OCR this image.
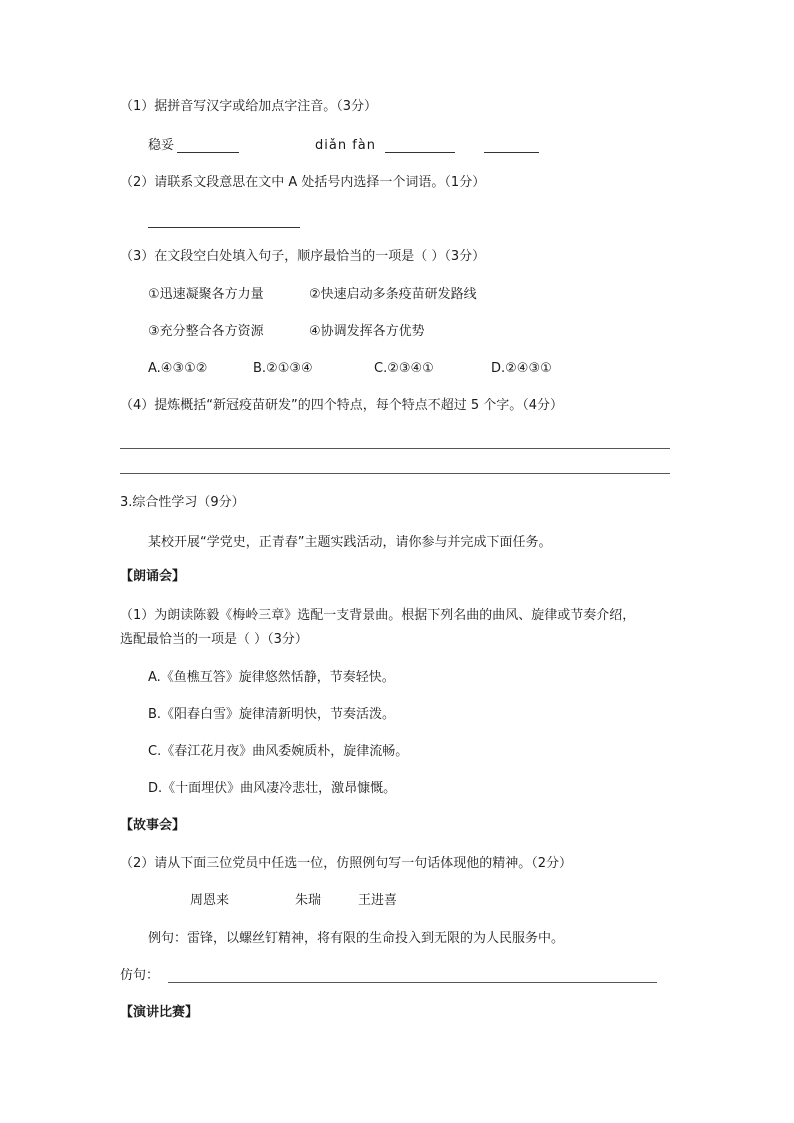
（1）据拼音写汉字或给加点字注音。（3分）
稳妥	diǎn fàn
（2）请联系文段意思在文中 A 处括号内选择一个词语。（1分）
（3）在文段空白处填入句子，顺序最恰当的一项是（ ）（3分）
①迅速凝聚各方力量	②快速启动多条疫苗研发路线
③充分整合各方资源	④协调发挥各方优势
A.④③①②	B.②①③④	C.②③④①	D.②④③①
（4）提炼概括“新冠疫苗研发”的四个特点，每个特点不超过 5 个字。（4分）
3.综合性学习（9分）
某校开展“学党史，正青春”主题实践活动，请你参与并完成下面任务。
【朗诵会】
（1）为朗读陈毅《梅岭三章》选配一支背景曲。根据下列名曲的曲风、旋律或节奏介绍，
选配最恰当的一项是（ ）（3分）
A.《鱼樵互答》旋律悠然恬静，节奏轻快。
B.《阳春白雪》旋律清新明快，节奏活泼。
C.《春江花月夜》曲风委婉质朴，旋律流畅。
D.《十面埋伏》曲风凄冷悲壮，激昂慷慨。
【故事会】
（2）请从下面三位党员中任选一位，仿照例句写一句话体现他的精神。（2分）
周恩来	朱瑞	王进喜
例句：雷锋，以螺丝钉精神，将有限的生命投入到无限的为人民服务中。
仿句：
【演讲比赛】
